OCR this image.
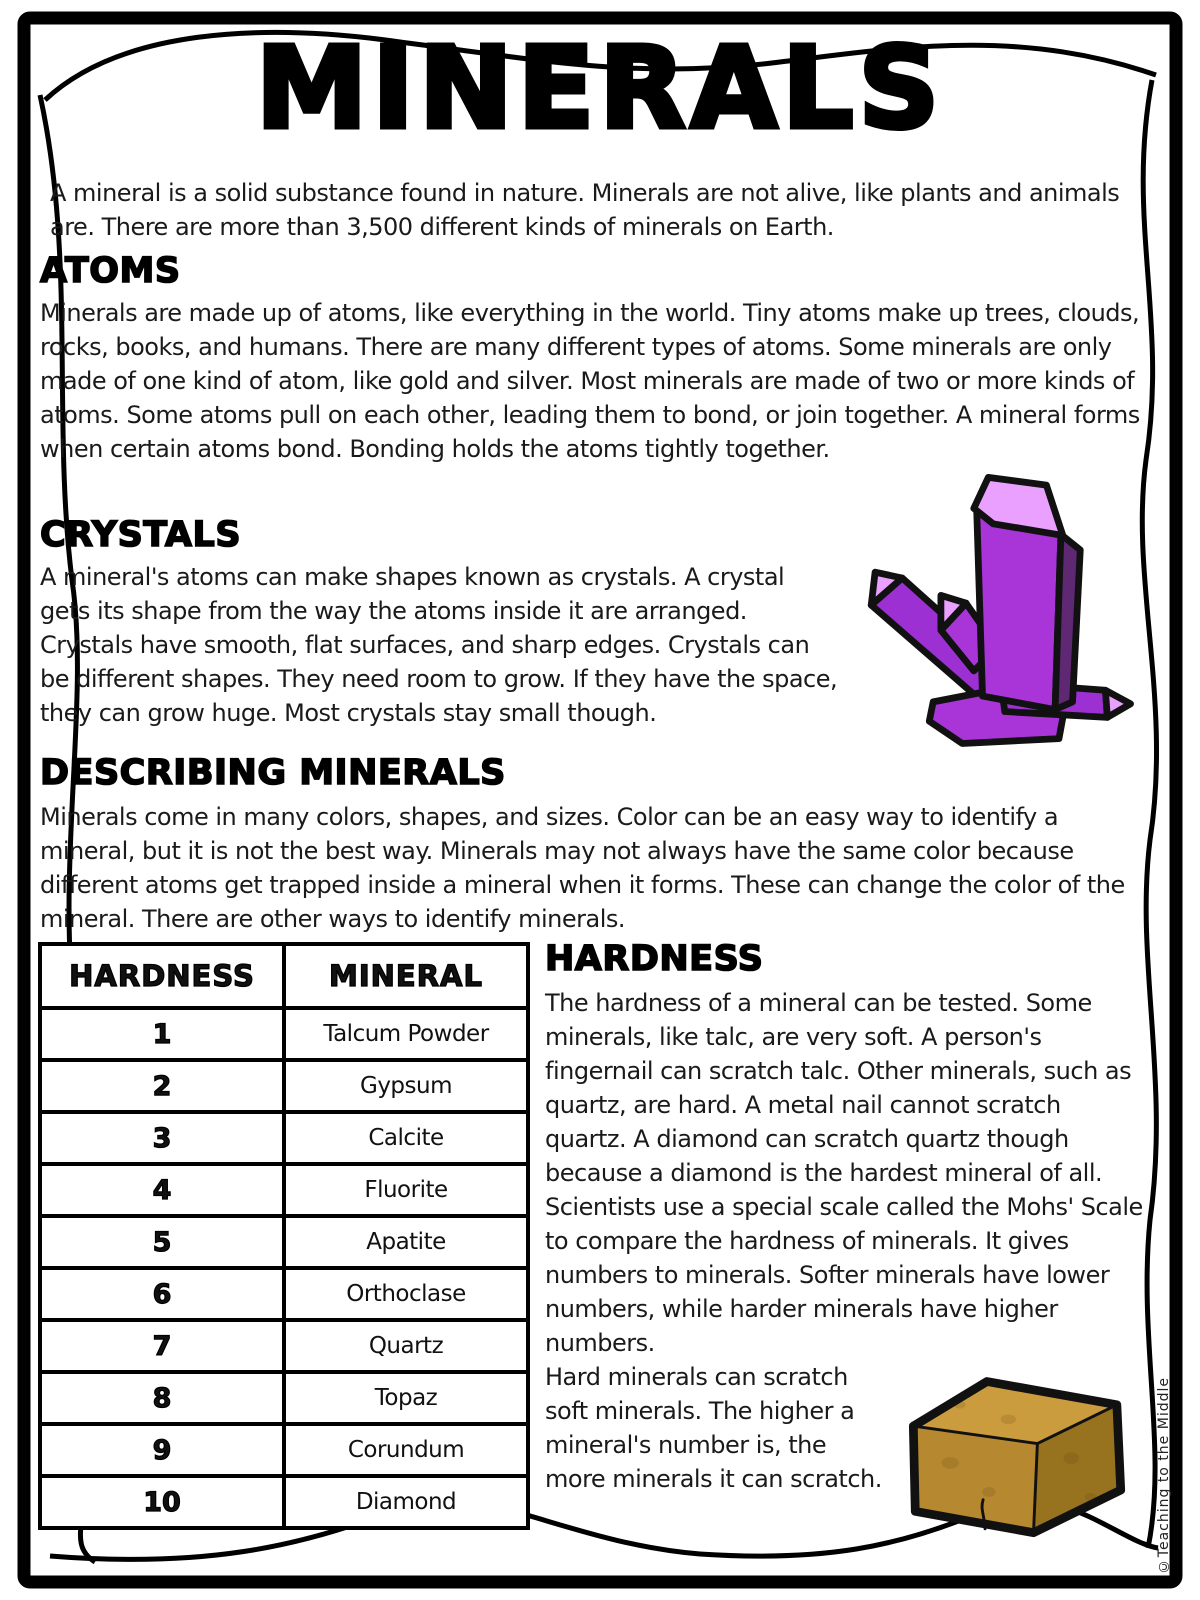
MINERALS

A mineral is a solid substance found in nature. Minerals are not alive, like plants and animals are. There are more than 3,500 different kinds of minerals on Earth.

ATOMS

Minerals are made up of atoms, like everything in the world. Tiny atoms make up trees, clouds, rocks, books, and humans. There are many different types of atoms. Some minerals are only made of one kind of atom, like gold and silver. Most minerals are made of two or more kinds of atoms. Some atoms pull on each other, leading them to bond, or join together. A mineral forms when certain atoms bond. Bonding holds the atoms tightly together.

CRYSTALS

A mineral's atoms can make shapes known as crystals. A crystal gets its shape from the way the atoms inside it are arranged. Crystals have smooth, flat surfaces, and sharp edges. Crystals can be different shapes. They need room to grow. If they have the space, they can grow huge. Most crystals stay small though.

DESCRIBING MINERALS

Minerals come in many colors, shapes, and sizes. Color can be an easy way to identify a mineral, but it is not the best way. Minerals may not always have the same color because different atoms get trapped inside a mineral when it forms. These can change the color of the mineral. There are other ways to identify minerals.

HARDNESS	MINERAL
1	Talcum Powder
2	Gypsum
3	Calcite
4	Fluorite
5	Apatite
6	Orthoclase
7	Quartz
8	Topaz
9	Corundum
10	Diamond
HARDNESS

The hardness of a mineral can be tested. Some minerals, like talc, are very soft. A person's fingernail can scratch talc. Other minerals, such as quartz, are hard. A metal nail cannot scratch quartz. A diamond can scratch quartz though because a diamond is the hardest mineral of all. Scientists use a special scale called the Mohs' Scale to compare the hardness of minerals. It gives numbers to minerals. Softer minerals have lower numbers, while harder minerals have higher numbers.

Hard minerals can scratch soft minerals. The higher a mineral's number is, the more minerals it can scratch.	©Teaching to the Middle
